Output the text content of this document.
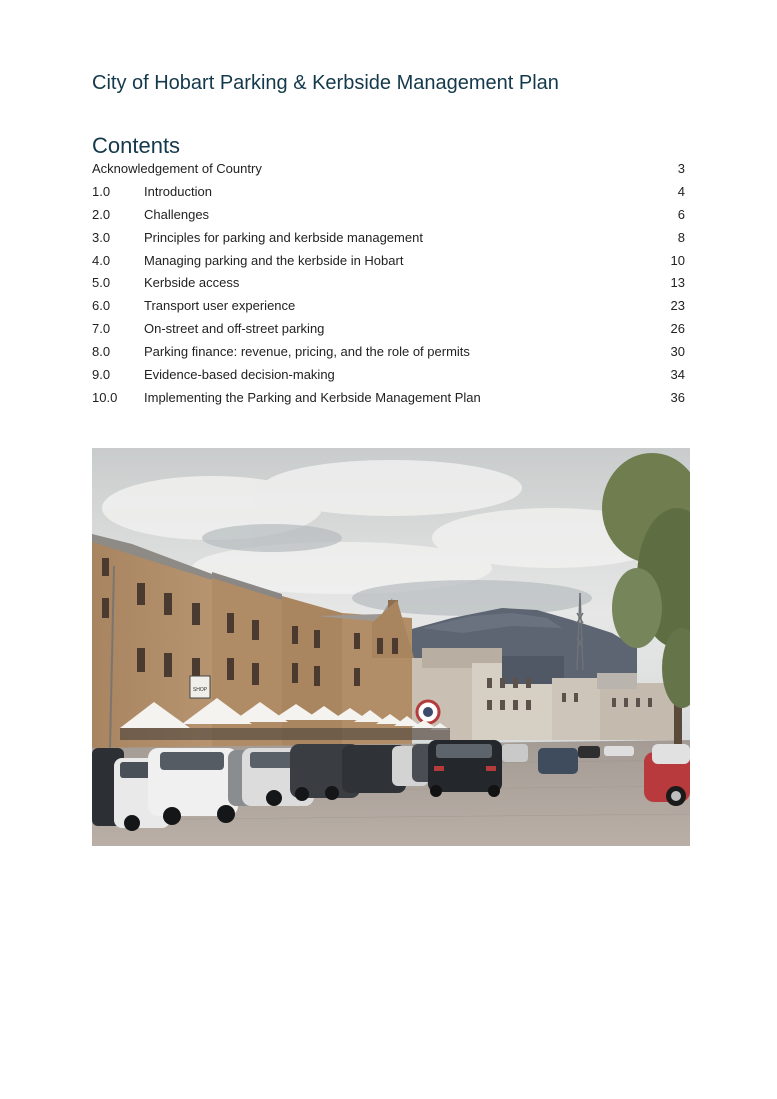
City of Hobart Parking & Kerbside Management Plan
Contents
Acknowledgement of Country	3
1.0	Introduction	4
2.0	Challenges	6
3.0	Principles for parking and kerbside management	8
4.0	Managing parking and the kerbside in Hobart	10
5.0	Kerbside access	13
6.0	Transport user experience	23
7.0	On-street and off-street parking	26
8.0	Parking finance: revenue, pricing, and the role of permits	30
9.0	Evidence-based decision-making	34
10.0 Implementing the Parking and Kerbside Management Plan	36
SHOP
